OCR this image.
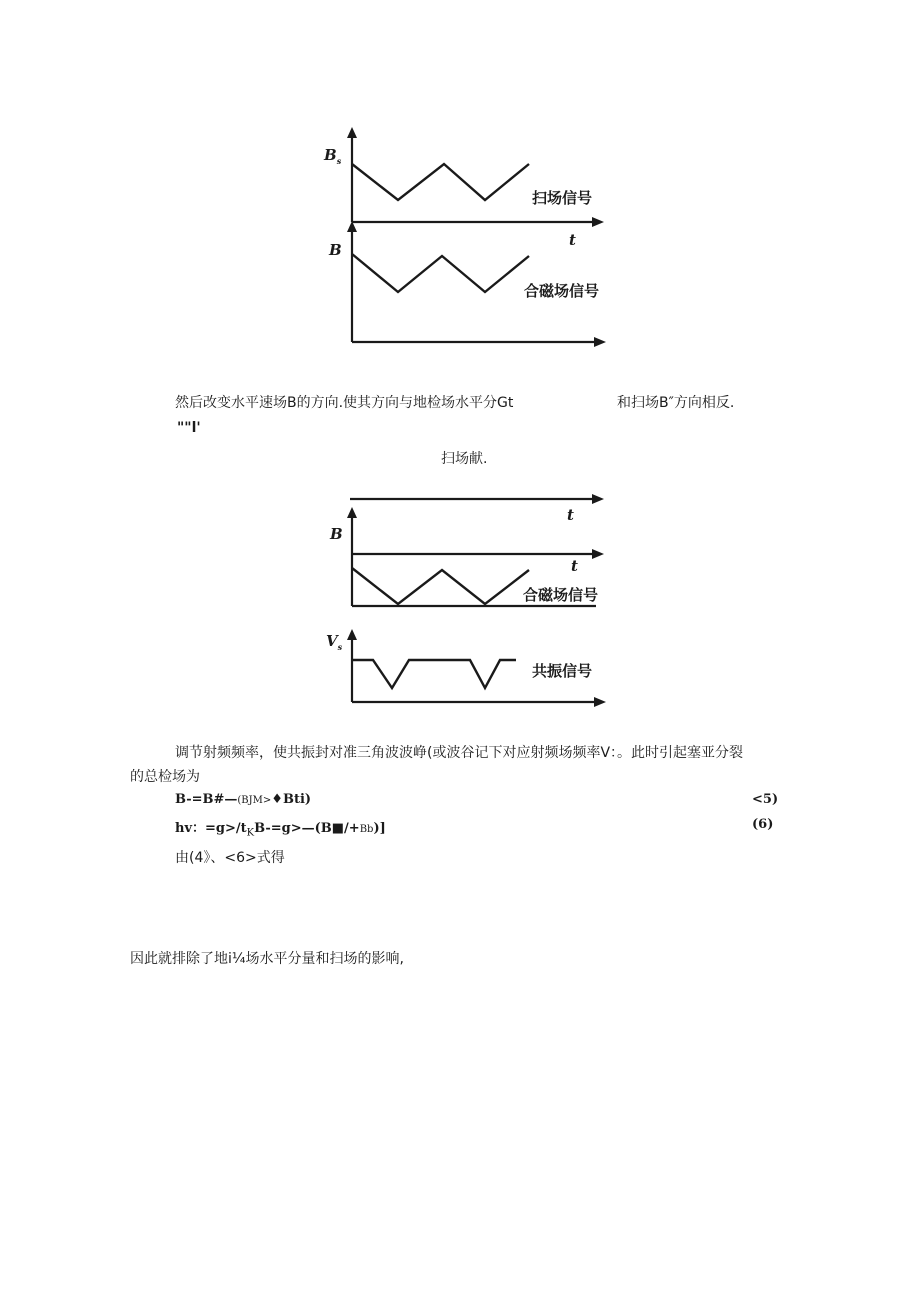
$B_s$
扫场信号
t
B
合磁场信号
然后改变水平速场B的方向.使其方向与地检场水平分Gt	和扫场B″方向相反.
""l'
扫场献.
t
B
t
合磁场信号
$V_s$
共振信号
调节射频频率，使共振封对准三角波波峥(或波谷记下对应射频场频率V：。此时引起塞亚分裂
的总检场为
B-=B#—(BJM>♦Bti)	<5)
hv：$=g>/t_KB-=g>—(B■/+Bb)$]	(6)
由(4》、<6>式得
因此就排除了地i¼场水平分量和扫场的影响,
